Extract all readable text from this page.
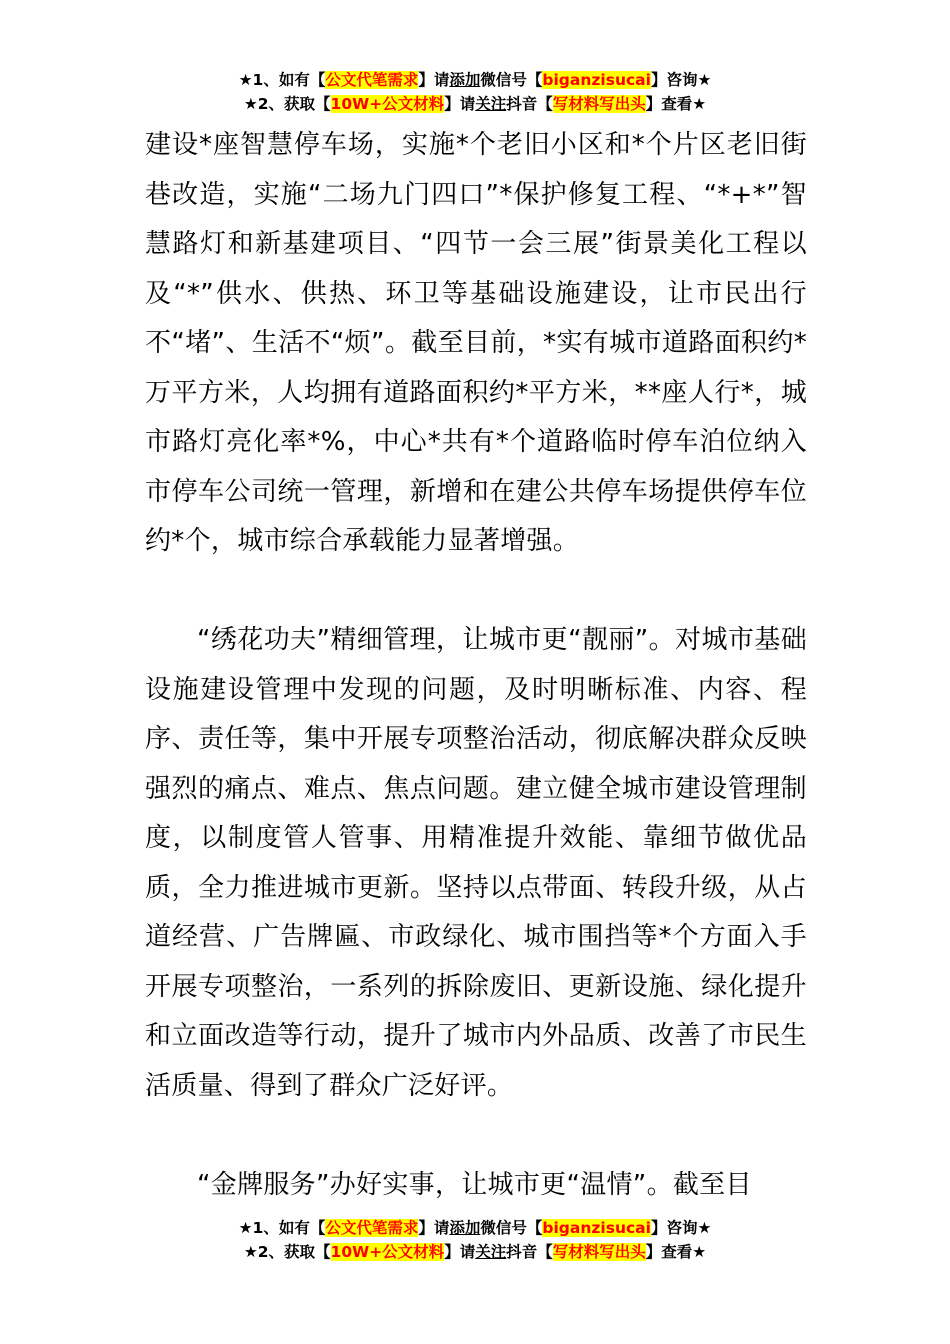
★1、如有【公文代笔需求】请添加微信号【biganzisucai】咨询★
★2、获取【10W+公文材料】请关注抖音【写材料写出头】查看★

建设*座智慧停车场，实施*个老旧小区和*个片区老旧街巷改造，实施“二场九门四口”*保护修复工程、“*+*”智慧路灯和新基建项目、“四节一会三展”街景美化工程以及“*”供水、供热、环卫等基础设施建设，让市民出行不“堵”、生活不“烦”。截至目前，*实有城市道路面积约*万平方米，人均拥有道路面积约*平方米，**座人行*，城市路灯亮化率*%，中心*共有*个道路临时停车泊位纳入市停车公司统一管理，新增和在建公共停车场提供停车位约*个，城市综合承载能力显著增强。

“绣花功夫”精细管理，让城市更“靓丽”。对城市基础设施建设管理中发现的问题，及时明晰标准、内容、程序、责任等，集中开展专项整治活动，彻底解决群众反映强烈的痛点、难点、焦点问题。建立健全城市建设管理制度，以制度管人管事、用精准提升效能、靠细节做优品质，全力推进城市更新。坚持以点带面、转段升级，从占道经营、广告牌匾、市政绿化、城市围挡等*个方面入手开展专项整治，一系列的拆除废旧、更新设施、绿化提升和立面改造等行动，提升了城市内外品质、改善了市民生活质量、得到了群众广泛好评。

“金牌服务”办好实事，让城市更“温情”。截至目

★1、如有【公文代笔需求】请添加微信号【biganzisucai】咨询★
★2、获取【10W+公文材料】请关注抖音【写材料写出头】查看★
